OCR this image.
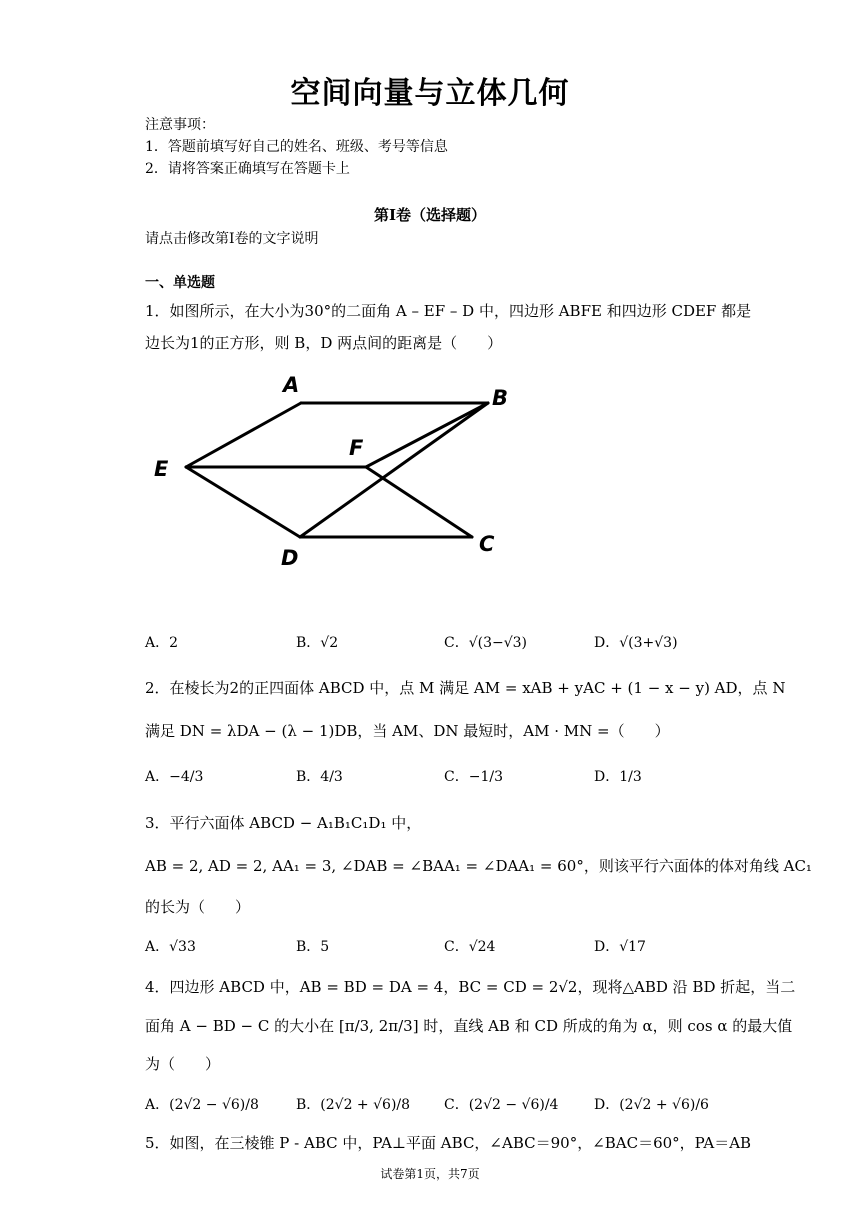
空间向量与立体几何
注意事项：
1．答题前填写好自己的姓名、班级、考号等信息
2．请将答案正确填写在答题卡上
第I卷（选择题）
请点击修改第I卷的文字说明
一、单选题
1．如图所示，在大小为30°的二面角 A – EF – D 中，四边形 ABFE 和四边形 CDEF 都是
边长为1的正方形，则 B，D 两点间的距离是（　　）
A
B
E
F
D
C
A．2	B．√2	C．√(3−√3)	D．√(3+√3)
2．在棱长为2的正四面体 ABCD 中，点 M 满足 AM = xAB + yAC + (1 − x − y) AD，点 N
满足 DN = λDA − (λ − 1)DB，当 AM、DN 最短时，AM · MN =（　　）
A．−4/3	B．4/3	C．−1/3	D．1/3
3．平行六面体 ABCD − A₁B₁C₁D₁ 中，
AB = 2, AD = 2, AA₁ = 3, ∠DAB = ∠BAA₁ = ∠DAA₁ = 60°，则该平行六面体的体对角线 AC₁
的长为（　　）
A．√33	B．5	C．√24	D．√17
4．四边形 ABCD 中，AB = BD = DA = 4，BC = CD = 2√2，现将△ABD 沿 BD 折起，当二
面角 A − BD − C 的大小在 [π/3, 2π/3] 时，直线 AB 和 CD 所成的角为 α，则 cos α 的最大值
为（　　）
A．(2√2 − √6)/8	B．(2√2 + √6)/8 C．(2√2 − √6)/4	D．(2√2 + √6)/6
5．如图，在三棱锥 P - ABC 中，PA⊥平面 ABC，∠ABC＝90°，∠BAC＝60°，PA＝AB
试卷第1页，共7页
